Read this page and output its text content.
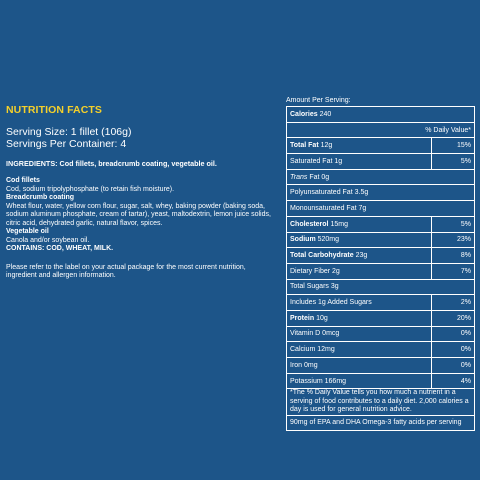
NUTRITION FACTS
Serving Size: 1 fillet (106g)
Servings Per Container: 4
INGREDIENTS: Cod fillets, breadcrumb coating, vegetable oil.
Cod fillets
Cod, sodium tripolyphosphate (to retain fish moisture).
Breadcrumb coating
Wheat flour, water, yellow corn flour, sugar, salt, whey, baking powder (baking soda, sodium aluminum phosphate, cream of tartar), yeast, maltodextrin, lemon juice solids, citric acid, dehydrated garlic, natural flavor, spices.
Vegetable oil
Canola and/or soybean oil.
CONTAINS: COD, WHEAT, MILK.
Please refer to the label on your actual package for the most current nutrition, ingredient and allergen information.
Amount Per Serving:
Calories 240	
% Daily Value*	
Total Fat 12g	15%
Saturated Fat 1g	5%
Trans Fat 0g	
Polyunsaturated Fat 3.5g	
Monounsaturated Fat 7g	
Cholesterol 15mg	5%
Sodium 520mg	23%
Total Carbohydrate 23g	8%
Dietary Fiber 2g	7%
Total Sugars 3g	
Includes 1g Added Sugars	2%
Protein 10g	20%
Vitamin D 0mcg	0%
Calcium 12mg	0%
Iron 0mg	0%
Potassium 166mg	4%
*The % Daily Value tells you how much a nutrient in a serving of food contributes to a daily diet. 2,000 calories a day is used for general nutrition advice.	
90mg of EPA and DHA Omega-3 fatty acids per serving	
